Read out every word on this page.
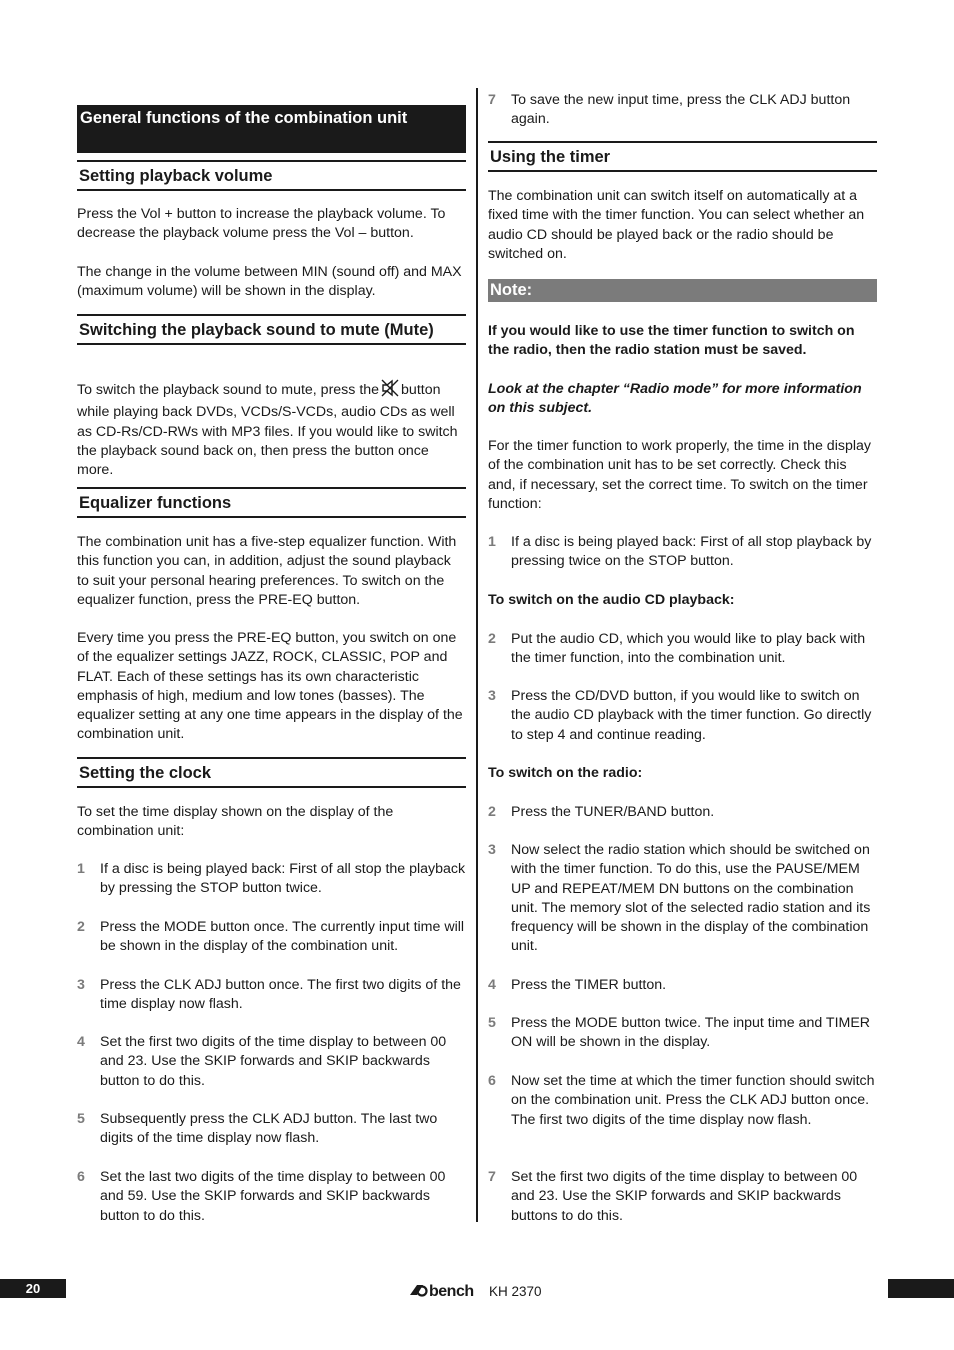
General functions of the combination unit
Setting playback volume

Press the Vol + button to increase the playback volume. To decrease the playback volume press the Vol – button.

The change in the volume between MIN (sound off) and MAX (maximum volume) will be shown in the display.

Switching the playback sound to mute (Mute)

To switch the playback sound to mute, press the button while playing back DVDs, VCDs/S-VCDs, audio CDs as well as CD-Rs/CD-RWs with MP3 files. If you would like to switch the playback sound back on, then press the button once more.

Equalizer functions

The combination unit has a five-step equalizer function. With this function you can, in addition, adjust the sound playback to suit your personal hearing preferences. To switch on the equalizer function, press the PRE-EQ button.

Every time you press the PRE-EQ button, you switch on one of the equalizer settings JAZZ, ROCK, CLASSIC, POP and FLAT. Each of these settings has its own characteristic emphasis of high, medium and low tones (basses). The equalizer setting at any one time appears in the display of the combination unit.

Setting the clock

To set the time display shown on the display of the combination unit:

1	If a disc is being played back: First of all stop the playback by pressing the STOP button twice.
2	Press the MODE button once. The currently input time will be shown in the display of the combination unit.
3	Press the CLK ADJ button once. The first two digits of the time display now flash.
4	Set the first two digits of the time display to between 00 and 23. Use the SKIP forwards and SKIP backwards button to do this.
5	Subsequently press the CLK ADJ button. The last two digits of the time display now flash.
6	Set the last two digits of the time display to between 00 and 59. Use the SKIP forwards and SKIP backwards button to do this.
7	To save the new input time, press the CLK ADJ button again.
Using the timer

The combination unit can switch itself on automatically at a fixed time with the timer function. You can select whether an audio CD should be played back or the radio should be switched on.

Note:

If you would like to use the timer function to switch on the radio, then the radio station must be saved.

Look at the chapter “Radio mode” for more information on this subject.

For the timer function to work properly, the time in the display of the combination unit has to be set correctly. Check this and, if necessary, set the correct time. To switch on the timer function:

1	If a disc is being played back: First of all stop playback by pressing twice on the STOP button.

To switch on the audio CD playback:

2	Put the audio CD, which you would like to play back with the timer function, into the combination unit.
3	Press the CD/DVD button, if you would like to switch on the audio CD playback with the timer function. Go directly to step 4 and continue reading.

To switch on the radio:

2	Press the TUNER/BAND button.
3	Now select the radio station which should be switched on with the timer function. To do this, use the PAUSE/MEM UP and REPEAT/MEM DN buttons on the combination unit. The memory slot of the selected radio station and its frequency will be shown in the display of the combination unit.
4	Press the TIMER button.
5	Press the MODE button twice. The input time and TIMER ON will be shown in the display.
6	Now set the time at which the timer function should switch on the combination unit. Press the CLK ADJ button once. The first two digits of the time display now flash.
7	Set the first two digits of the time display to between 00 and 23. Use the SKIP forwards and SKIP backwards buttons to do this.
20	bench KH 2370
